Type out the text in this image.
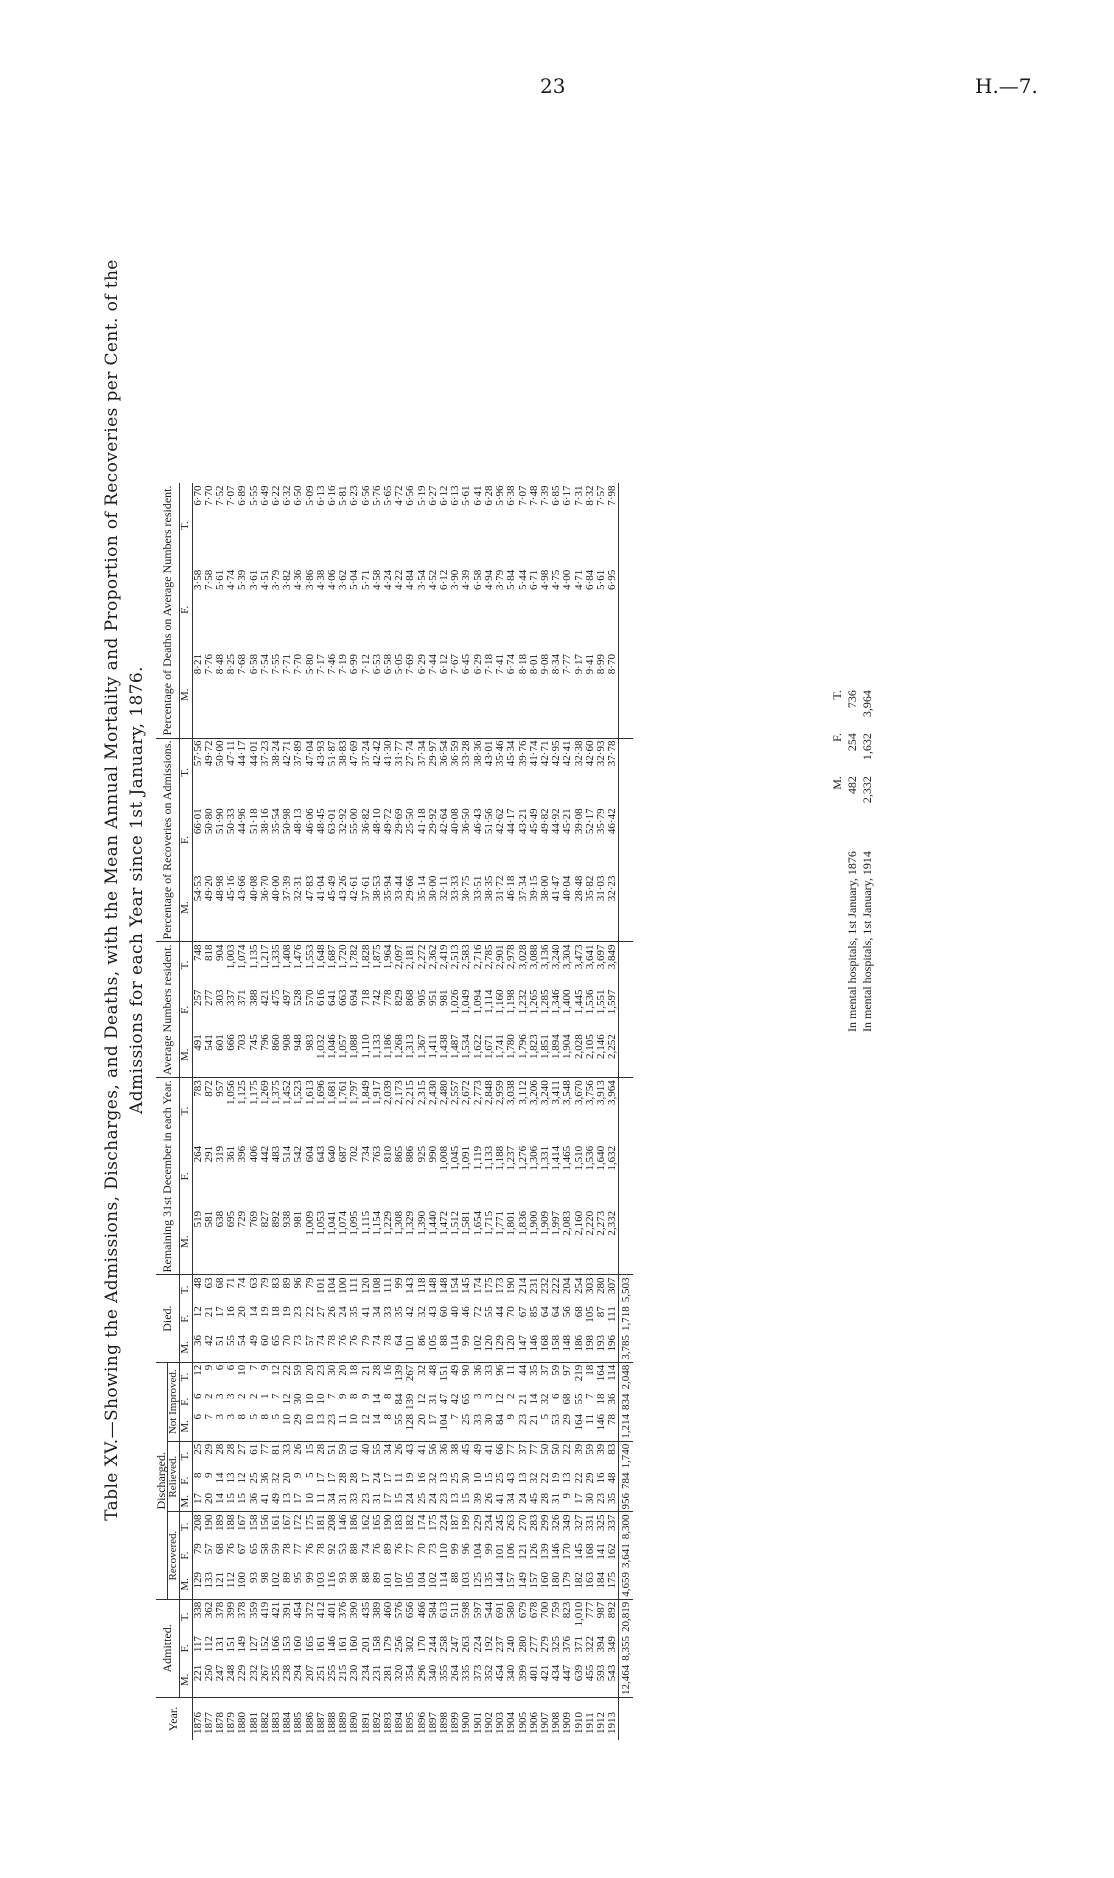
23	H.—7.
Table XV.—Showing the Admissions, Discharges, and Deaths, with the Mean Annual Mortality and Proportion of Recoveries per Cent. of the Admissions for each Year since 1st January, 1876.
Year.	Admitted.			Discharged.									Died.			Remaining 31st December in each Year.			Average Numbers resident.			Percentage of Recoveries on Admissions.			Percentage of Deaths on Average Numbers resident.		
				Recovered.			Relieved.			Not Improved.																	
	M.	F.	T.	M.	F.	T.	M.	F.	T.	M.	F.	T.	M.	F.	T.	M.	F.	T.	M.	F.	T.	M.	F.	T.	M.	F.	T.
1876	221	117	338	129	79	208	17	8	25	6	6	12	36	12	48	519	264	783	491	257	748	54·53	66·01	57·56	8·21	3·58	6·70
1877	250	112	362	133	57	190	20	9	29	7	2	9	42	21	63	581	291	872	541	277	818	49·20	50·80	49·72	7·76	7·58	7·70
1878	247	131	378	121	68	189	14	14	28	3	3	6	51	17	68	638	319	957	601	303	904	48·98	51·90	50·00	8·48	5·61	7·52
1879	248	151	399	112	76	188	15	13	28	3	3	6	55	16	71	695	361	1,056	666	337	1,003	45·16	50·33	47·11	8·25	4·74	7·07
1880	229	149	378	100	67	167	15	12	27	8	2	10	54	20	74	729	396	1,125	703	371	1,074	43·66	44·96	44·17	7·68	5·39	6·89
1881	232	127	359	93	65	158	36	25	61	5	2	7	49	14	63	769	406	1,175	745	388	1,135	40·08	51·18	44·01	6·58	3·61	5·55
1882	267	152	419	98	58	156	41	36	77	8	1	9	60	19	79	827	442	1,269	796	421	1,217	36·70	38·16	37·23	7·54	4·51	6·49
1883	255	166	421	102	59	161	49	32	81	5	7	12	65	18	83	892	483	1,375	860	475	1,335	40·00	35·54	38·24	7·55	3·79	6·22
1884	238	153	391	89	78	167	13	20	33	10	12	22	70	19	89	938	514	1,452	908	497	1,408	37·39	50·98	42·71	7·71	3·82	6·32
1885	294	160	454	95	77	172	17	9	26	29	30	59	73	23	96	981	542	1,523	948	528	1,476	32·31	48·13	37·89	7·70	4·36	6·50
1886	207	165	372	99	76	175	10	5	15	10	10	20	57	22	79	1,009	604	1,613	983	570	1,553	47·83	46·06	47·04	5·80	3·86	5·09
1887	251	161	412	103	78	181	11	17	28	13	10	23	74	27	101	1,053	643	1,696	1,032	616	1,648	41·04	48·45	43·93	7·17	4·38	6·13
1888	255	146	401	116	92	208	34	17	51	23	7	30	78	26	104	1,041	640	1,681	1,046	641	1,687	45·49	63·01	51·87	7·46	4·06	6·16
1889	215	161	376	93	53	146	31	28	59	11	9	20	76	24	100	1,074	687	1,761	1,057	663	1,720	43·26	32·92	38·83	7·19	3·62	5·81
1890	230	160	390	98	88	186	33	28	61	10	8	18	76	35	111	1,095	702	1,797	1,088	694	1,782	42·61	55·00	47·69	6·99	5·04	6·23
1891	234	201	435	88	74	162	23	17	40	12	9	21	79	41	120	1,115	734	1,849	1,110	718	1,828	37·61	36·82	37·24	7·12	5·71	6·56
1892	231	158	389	89	76	165	31	24	55	14	14	28	74	34	108	1,154	763	1,917	1,133	742	1,875	38·53	48·10	42·42	6·53	4·58	5·76
1893	281	179	460	101	89	190	17	17	34	8	8	16	78	33	111	1,229	810	2,039	1,186	778	1,964	35·94	49·72	41·30	6·58	4·24	5·65
1894	320	256	576	107	76	183	15	11	26	55	84	139	64	35	99	1,308	865	2,173	1,268	829	2,097	33·44	29·69	31·77	5·05	4·22	4·72
1895	354	302	656	105	77	182	24	19	43	128	139	267	101	42	143	1,329	886	2,215	1,313	868	2,181	29·66	25·50	27·74	7·69	4·84	6·56
1896	296	170	466	104	70	174	25	16	41	20	12	32	86	32	118	1,390	925	2,315	1,367	905	2,272	35·14	41·18	37·34	6·29	3·54	5·19
1897	340	244	584	102	73	175	24	32	56	17	31	48	105	43	148	1,440	990	2,430	1,411	951	2,362	30·00	29·92	29·97	7·44	4·52	6·27
1898	355	258	613	114	110	224	23	13	36	104	47	151	88	60	148	1,472	1,008	2,480	1,438	981	2,419	32·11	42·64	36·54	6·12	6·12	6·12
1899	264	247	511	88	99	187	13	25	38	7	42	49	114	40	154	1,512	1,045	2,557	1,487	1,026	2,513	33·33	40·08	36·59	7·67	3·90	6·13
1900	335	263	598	103	96	199	15	30	45	25	65	90	99	46	145	1,581	1,091	2,672	1,534	1,049	2,583	30·75	36·50	33·28	6·45	4·39	5·61
1901	373	224	597	125	104	229	39	10	49	33	3	36	102	72	174	1,654	1,119	2,773	1,622	1,094	2,716	33·51	46·43	38·36	6·29	6·58	6·41
1902	352	192	544	135	99	234	26	15	41	30	3	33	120	55	175	1,715	1,133	2,848	1,671	1,114	2,785	38·35	51·56	43·01	7·18	4·94	6·28
1903	454	237	691	144	101	245	41	25	66	84	12	96	129	44	173	1,771	1,188	2,959	1,741	1,160	2,901	31·72	42·62	35·46	7·41	3·79	5·96
1904	340	240	580	157	106	263	34	43	77	9	2	11	120	70	190	1,801	1,237	3,038	1,780	1,198	2,978	46·18	44·17	45·34	6·74	5·84	6·38
1905	399	280	679	149	121	270	24	13	37	23	21	44	147	67	214	1,836	1,276	3,112	1,796	1,232	3,028	37·34	43·21	39·76	8·18	5·44	7·07
1906	401	277	678	157	126	283	45	32	77	21	14	35	146	85	231	1,900	1,306	3,206	1,823	1,265	3,088	39·15	45·49	41·74	8·01	6·71	7·48
1907	421	279	700	160	139	299	28	22	50	5	32	37	168	64	232	1,909	1,331	3,240	1,851	1,285	3,136	38·00	49·82	42·71	9·08	4·98	7·39
1908	434	325	759	180	146	326	31	19	50	53	6	59	158	64	222	1,997	1,414	3,411	1,894	1,346	3,240	41·47	44·92	42·95	8·34	4·75	6·85
1909	447	376	823	179	170	349	9	13	22	29	68	97	148	56	204	2,083	1,465	3,548	1,904	1,400	3,304	40·04	45·21	42·41	7·77	4·00	6·17
1910	639	371	1,010	182	145	327	17	22	39	164	55	219	186	68	254	2,160	1,510	3,670	2,028	1,445	3,473	28·48	39·08	32·38	9·17	4·71	7·31
1911	455	322	777	163	168	331	30	29	59	11	7	18	198	105	303	2,220	1,536	3,756	2,105	1,536	3,641	35·82	52·17	42·60	9·41	6·84	8·32
1912	593	394	987	184	141	325	23	16	39	146	18	164	193	87	280	2,273	1,640	3,913	2,146	1,551	3,697	31·03	35·79	32·93	8·99	5·61	7·57
1913	543	349	892	175	162	337	35	48	83	78	36	114	196	111	307	2,332	1,632	3,964	2,252	1,597	3,849	32·23	46·42	37·78	8·70	6·95	7·98
	12,464	8,355	20,819	4,659	3,641	8,300	956	784	1,740	1,214	834	2,048	3,785	1,718	5,503												
	M.	F.	T.
In mental hospitals, 1st January, 1876	482	254	736
In mental hospitals, 1st January, 1914	2,332	1,632	3,964
